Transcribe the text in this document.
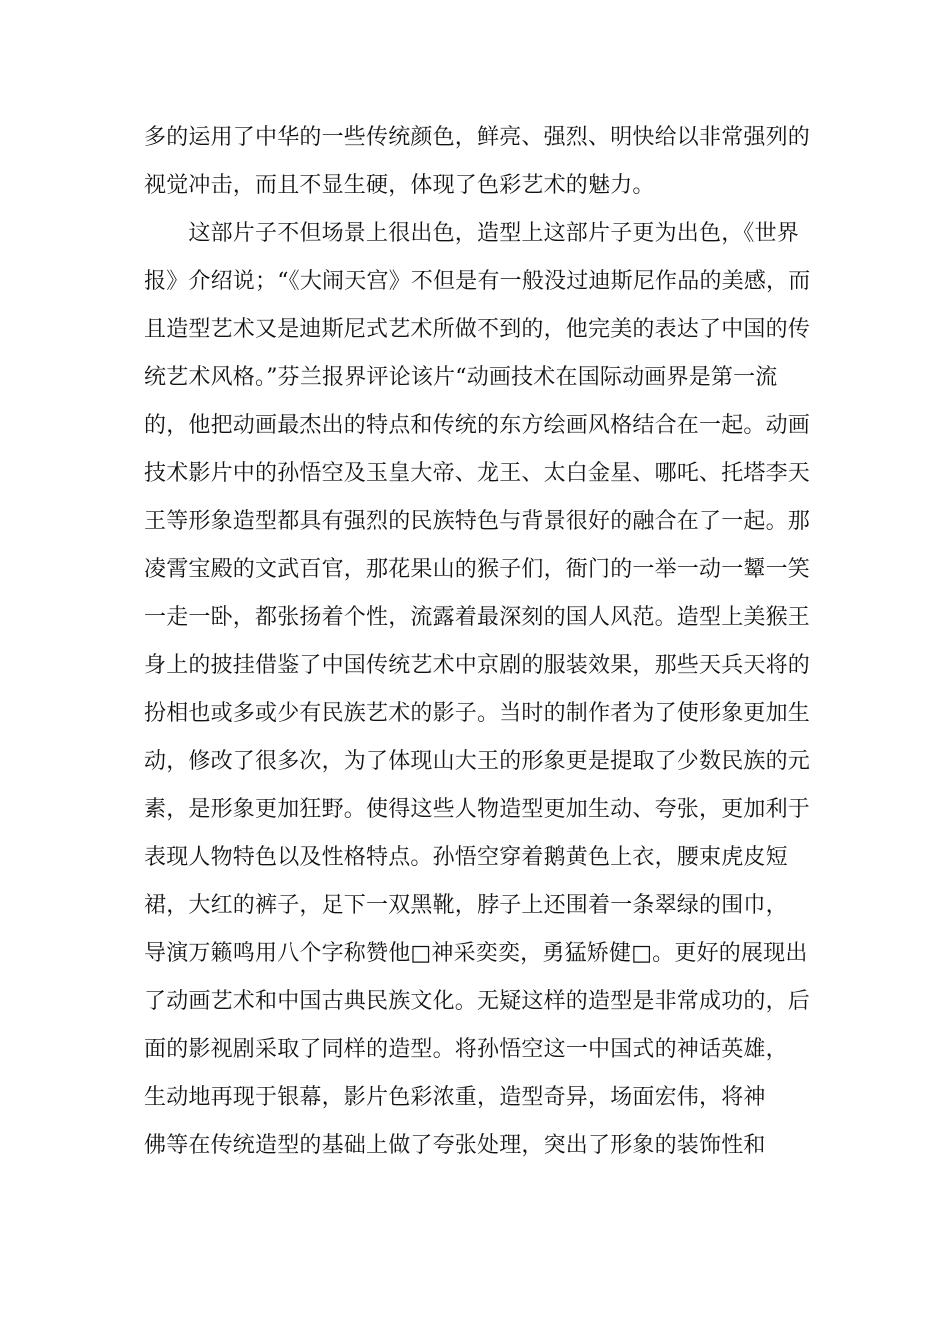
多的运用了中华的一些传统颜色，鲜亮、强烈、明快给以非常强列的
视觉冲击，而且不显生硬，体现了色彩艺术的魅力。
　　这部片子不但场景上很出色，造型上这部片子更为出色，《世界
报》介绍说；“《大闹天宫》不但是有一般没过迪斯尼作品的美感，而
且造型艺术又是迪斯尼式艺术所做不到的，他完美的表达了中国的传
统艺术风格。”芬兰报界评论该片“动画技术在国际动画界是第一流
的，他把动画最杰出的特点和传统的东方绘画风格结合在一起。动画
技术影片中的孙悟空及玉皇大帝、龙王、太白金星、哪吒、托塔李天
王等形象造型都具有强烈的民族特色与背景很好的融合在了一起。那
凌霄宝殿的文武百官，那花果山的猴子们，衙门的一举一动一颦一笑
一走一卧，都张扬着个性，流露着最深刻的国人风范。造型上美猴王
身上的披挂借鉴了中国传统艺术中京剧的服装效果，那些天兵天将的
扮相也或多或少有民族艺术的影子。当时的制作者为了使形象更加生
动，修改了很多次，为了体现山大王的形象更是提取了少数民族的元
素，是形象更加狂野。使得这些人物造型更加生动、夸张，更加利于
表现人物特色以及性格特点。孙悟空穿着鹅黄色上衣，腰束虎皮短
裙，大红的裤子，足下一双黑靴，脖子上还围着一条翠绿的围巾，
导演万籁鸣用八个字称赞他□神采奕奕，勇猛矫健□。更好的展现出
了动画艺术和中国古典民族文化。无疑这样的造型是非常成功的，后
面的影视剧采取了同样的造型。将孙悟空这一中国式的神话英雄，
生动地再现于银幕，影片色彩浓重，造型奇异，场面宏伟，将神
佛等在传统造型的基础上做了夸张处理，突出了形象的装饰性和
